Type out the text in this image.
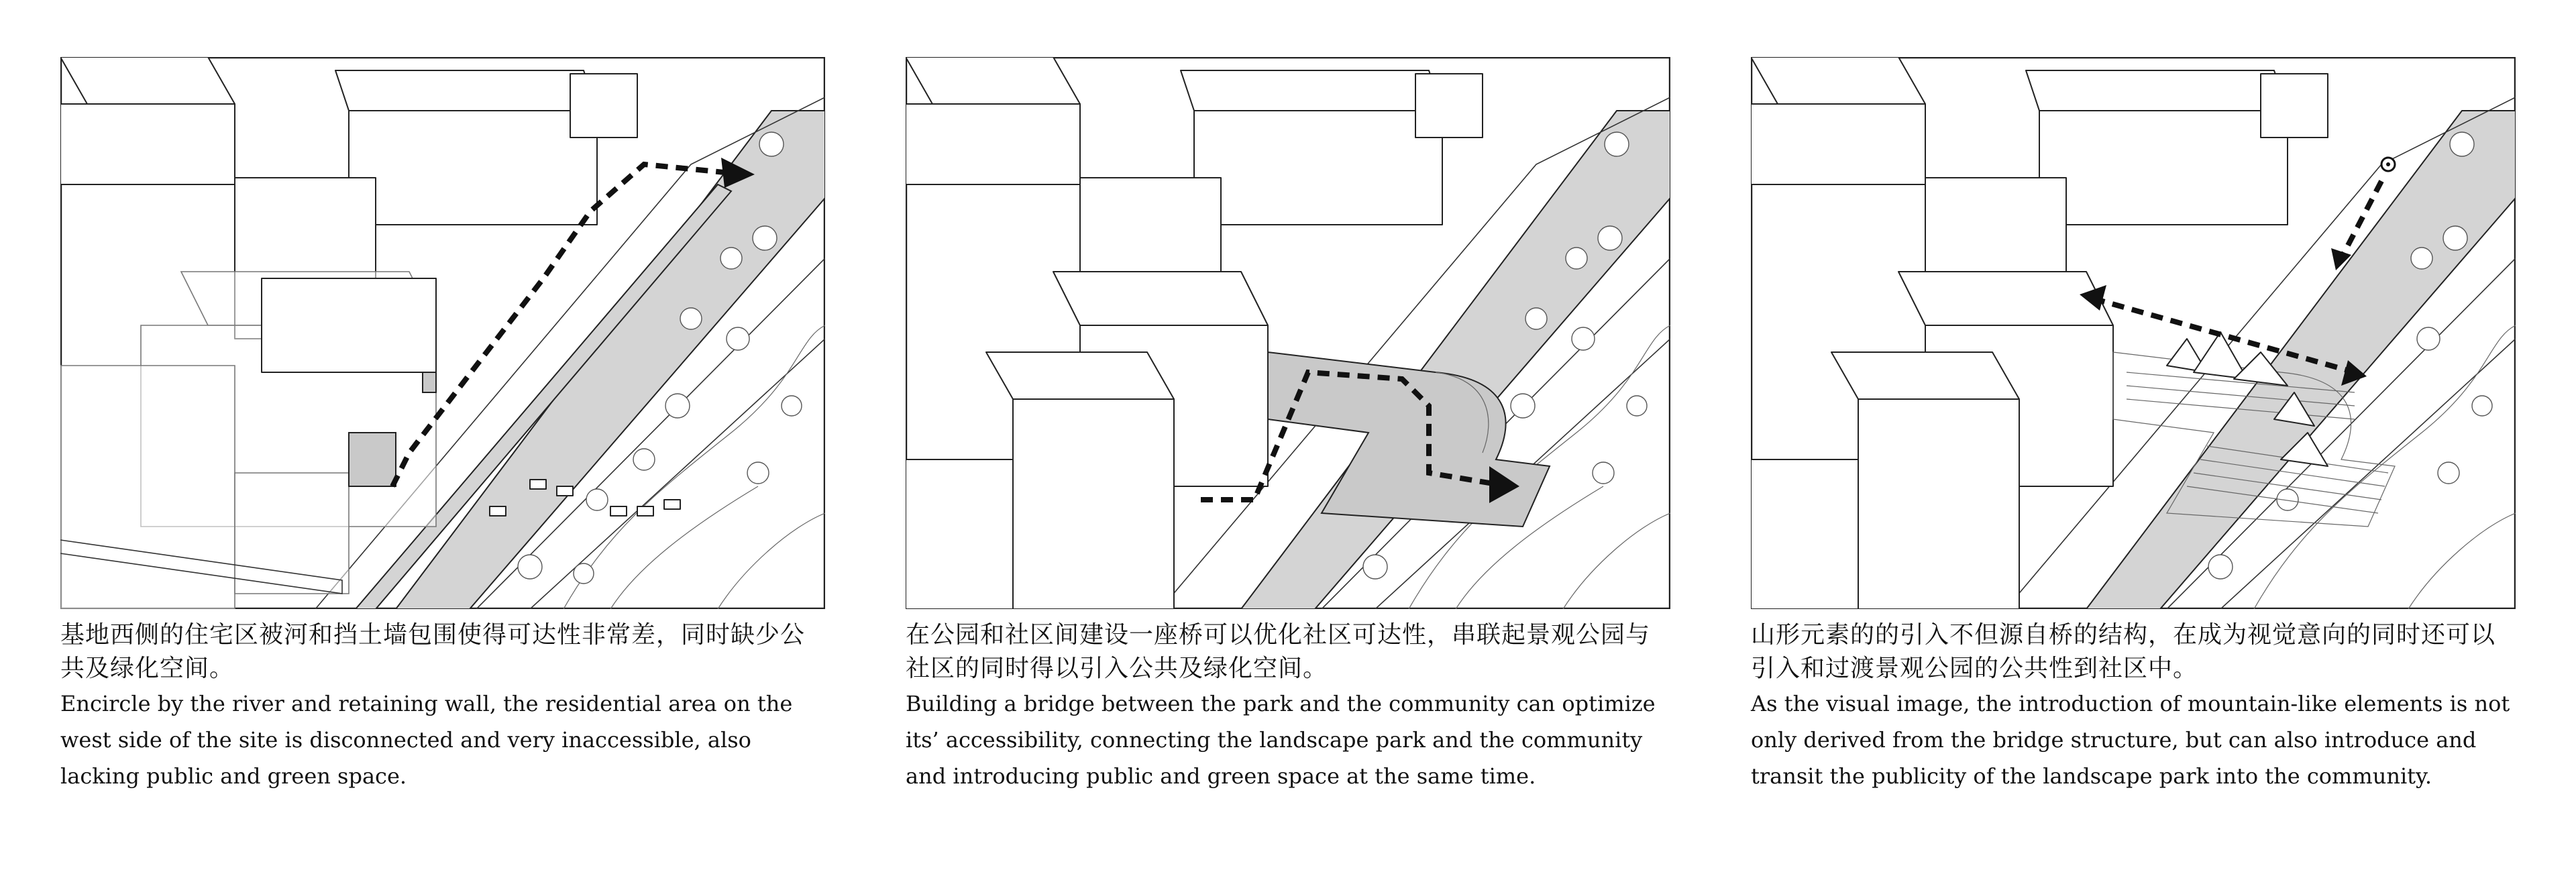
基地西侧的住宅区被河和挡土墙包围使得可达性非常差，同时缺少公共及绿化空间。

Encircle by the river and retaining wall, the residential area on the west side of the site is disconnected and very inaccessible, also lacking public and green space.

在公园和社区间建设一座桥可以优化社区可达性，串联起景观公园与社区的同时得以引入公共及绿化空间。

Building a bridge between the park and the community can optimize its’ accessibility, connecting the landscape park and the community and introducing public and green space at the same time.

山形元素的的引入不但源自桥的结构，在成为视觉意向的同时还可以引入和过渡景观公园的公共性到社区中。

As the visual image, the introduction of mountain-like elements is not only derived from the bridge structure, but can also introduce and transit the publicity of the landscape park into the community.
